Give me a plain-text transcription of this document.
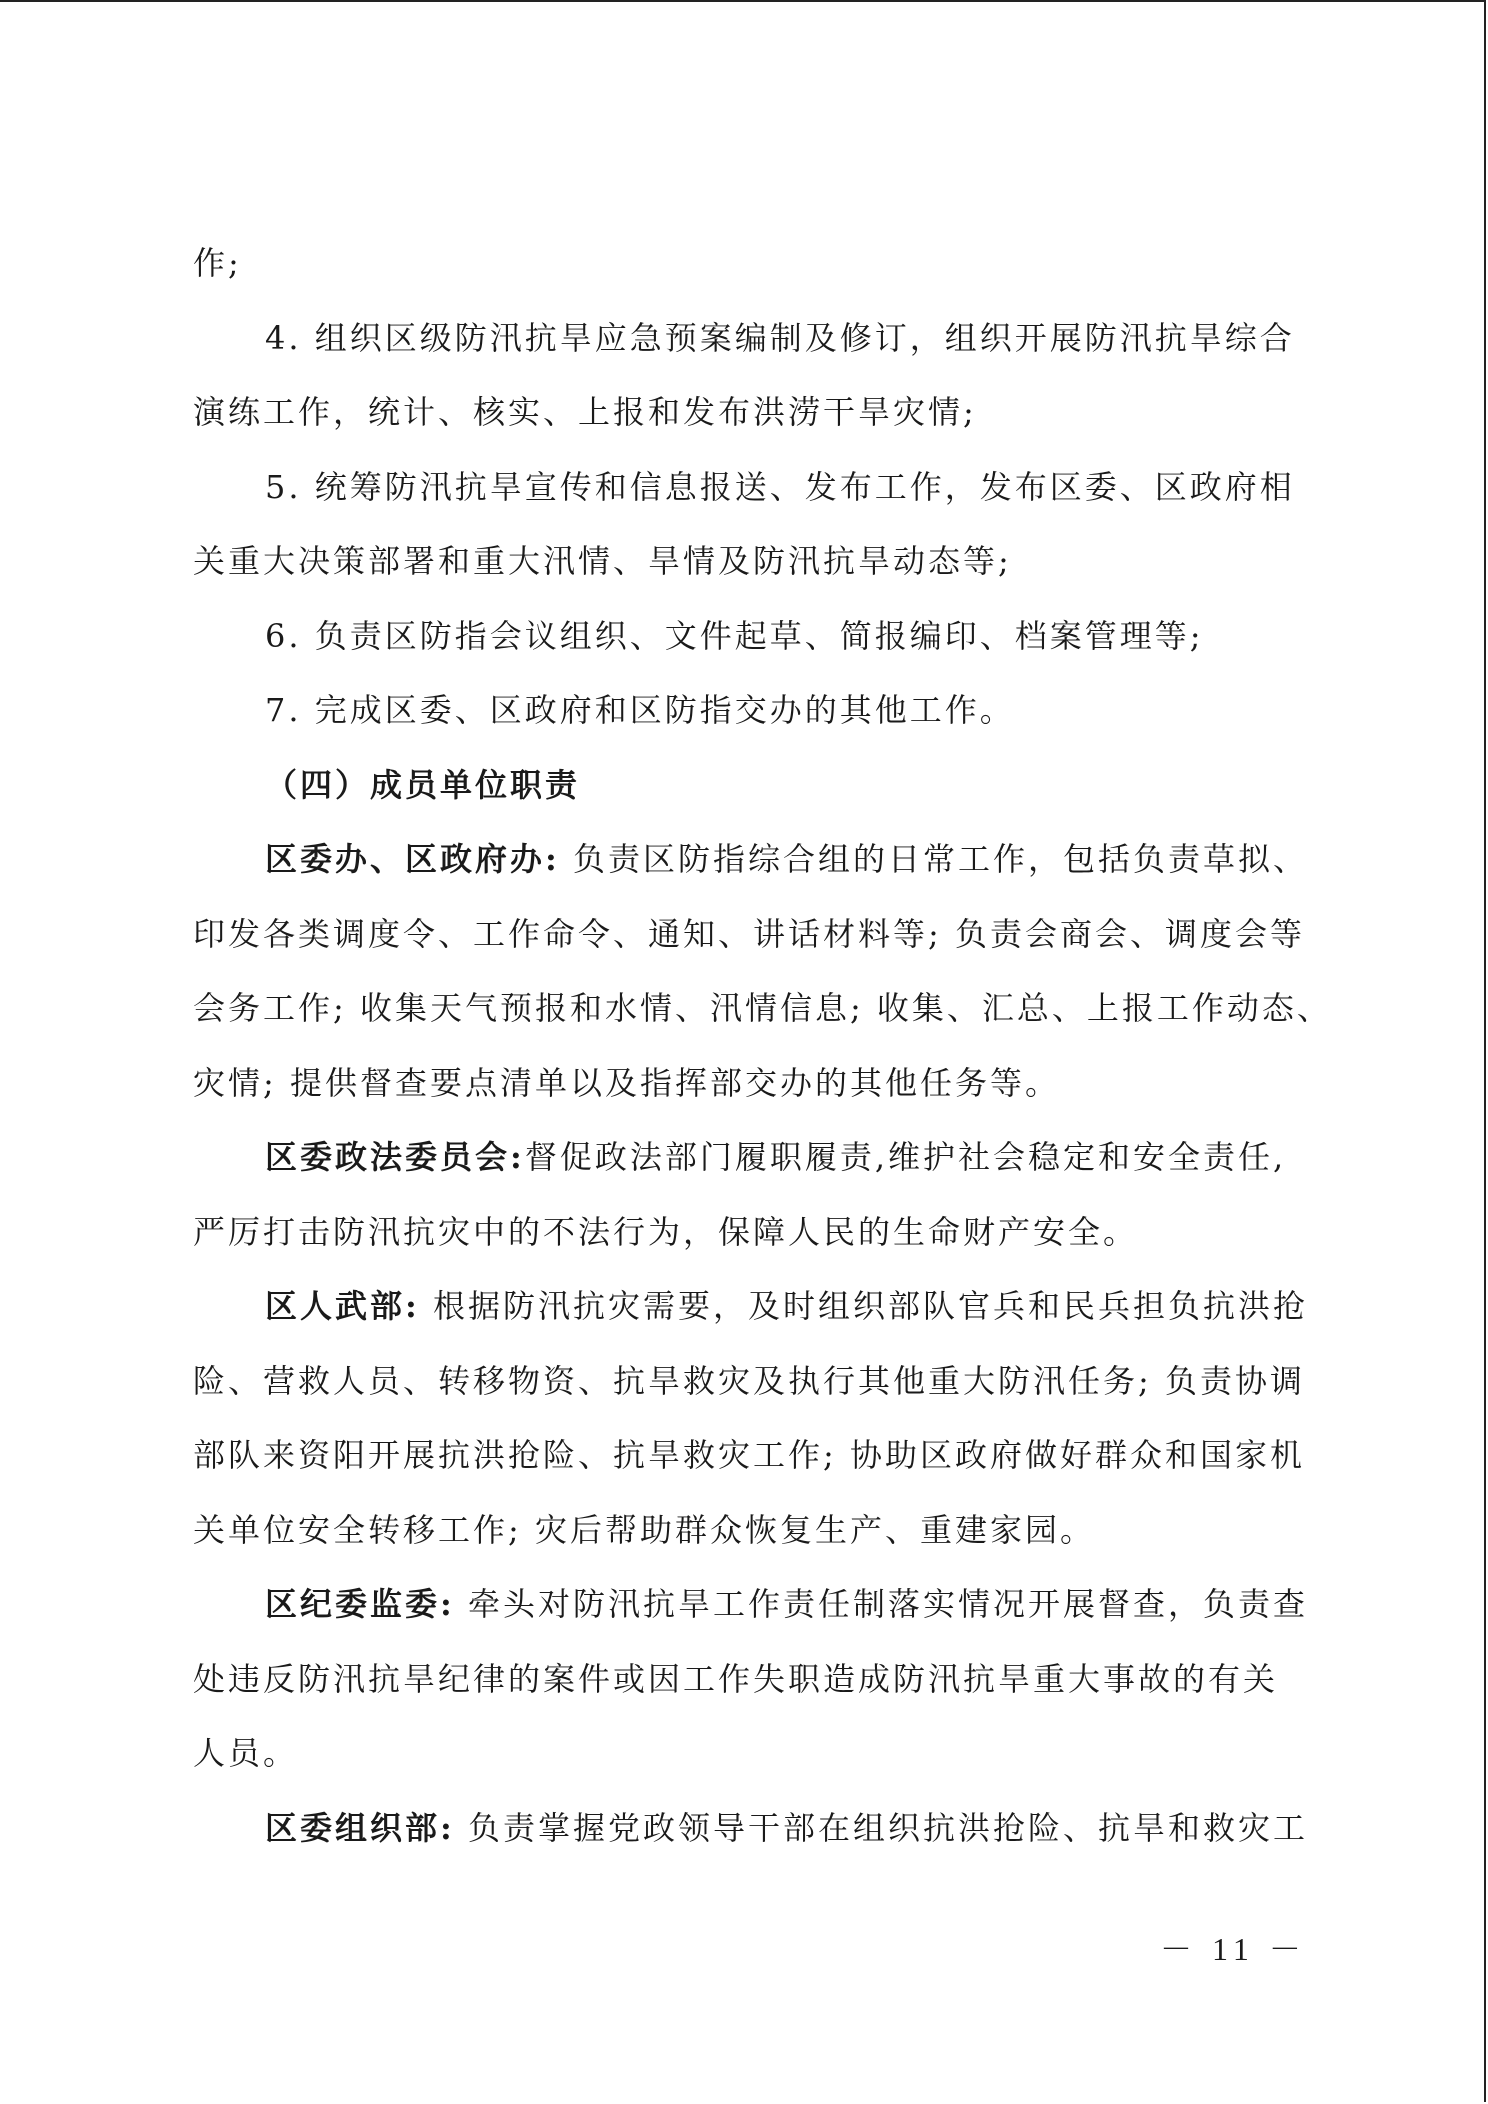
作;
4. 组织区级防汛抗旱应急预案编制及修订，组织开展防汛抗旱综合
演练工作，统计、核实、上报和发布洪涝干旱灾情;
5. 统筹防汛抗旱宣传和信息报送、发布工作，发布区委、区政府相
关重大决策部署和重大汛情、旱情及防汛抗旱动态等;
6. 负责区防指会议组织、文件起草、简报编印、档案管理等;
7. 完成区委、区政府和区防指交办的其他工作。
（四）成员单位职责
区委办、区政府办: 负责区防指综合组的日常工作，包括负责草拟、
印发各类调度令、工作命令、通知、讲话材料等; 负责会商会、调度会等
会务工作; 收集天气预报和水情、汛情信息; 收集、汇总、上报工作动态、
灾情; 提供督查要点清单以及指挥部交办的其他任务等。
区委政法委员会:督促政法部门履职履责,维护社会稳定和安全责任,
严厉打击防汛抗灾中的不法行为，保障人民的生命财产安全。
区人武部: 根据防汛抗灾需要，及时组织部队官兵和民兵担负抗洪抢
险、营救人员、转移物资、抗旱救灾及执行其他重大防汛任务; 负责协调
部队来资阳开展抗洪抢险、抗旱救灾工作; 协助区政府做好群众和国家机
关单位安全转移工作; 灾后帮助群众恢复生产、重建家园。
区纪委监委: 牵头对防汛抗旱工作责任制落实情况开展督查，负责查
处违反防汛抗旱纪律的案件或因工作失职造成防汛抗旱重大事故的有关
人员。
区委组织部: 负责掌握党政领导干部在组织抗洪抢险、抗旱和救灾工
－ 11 －
